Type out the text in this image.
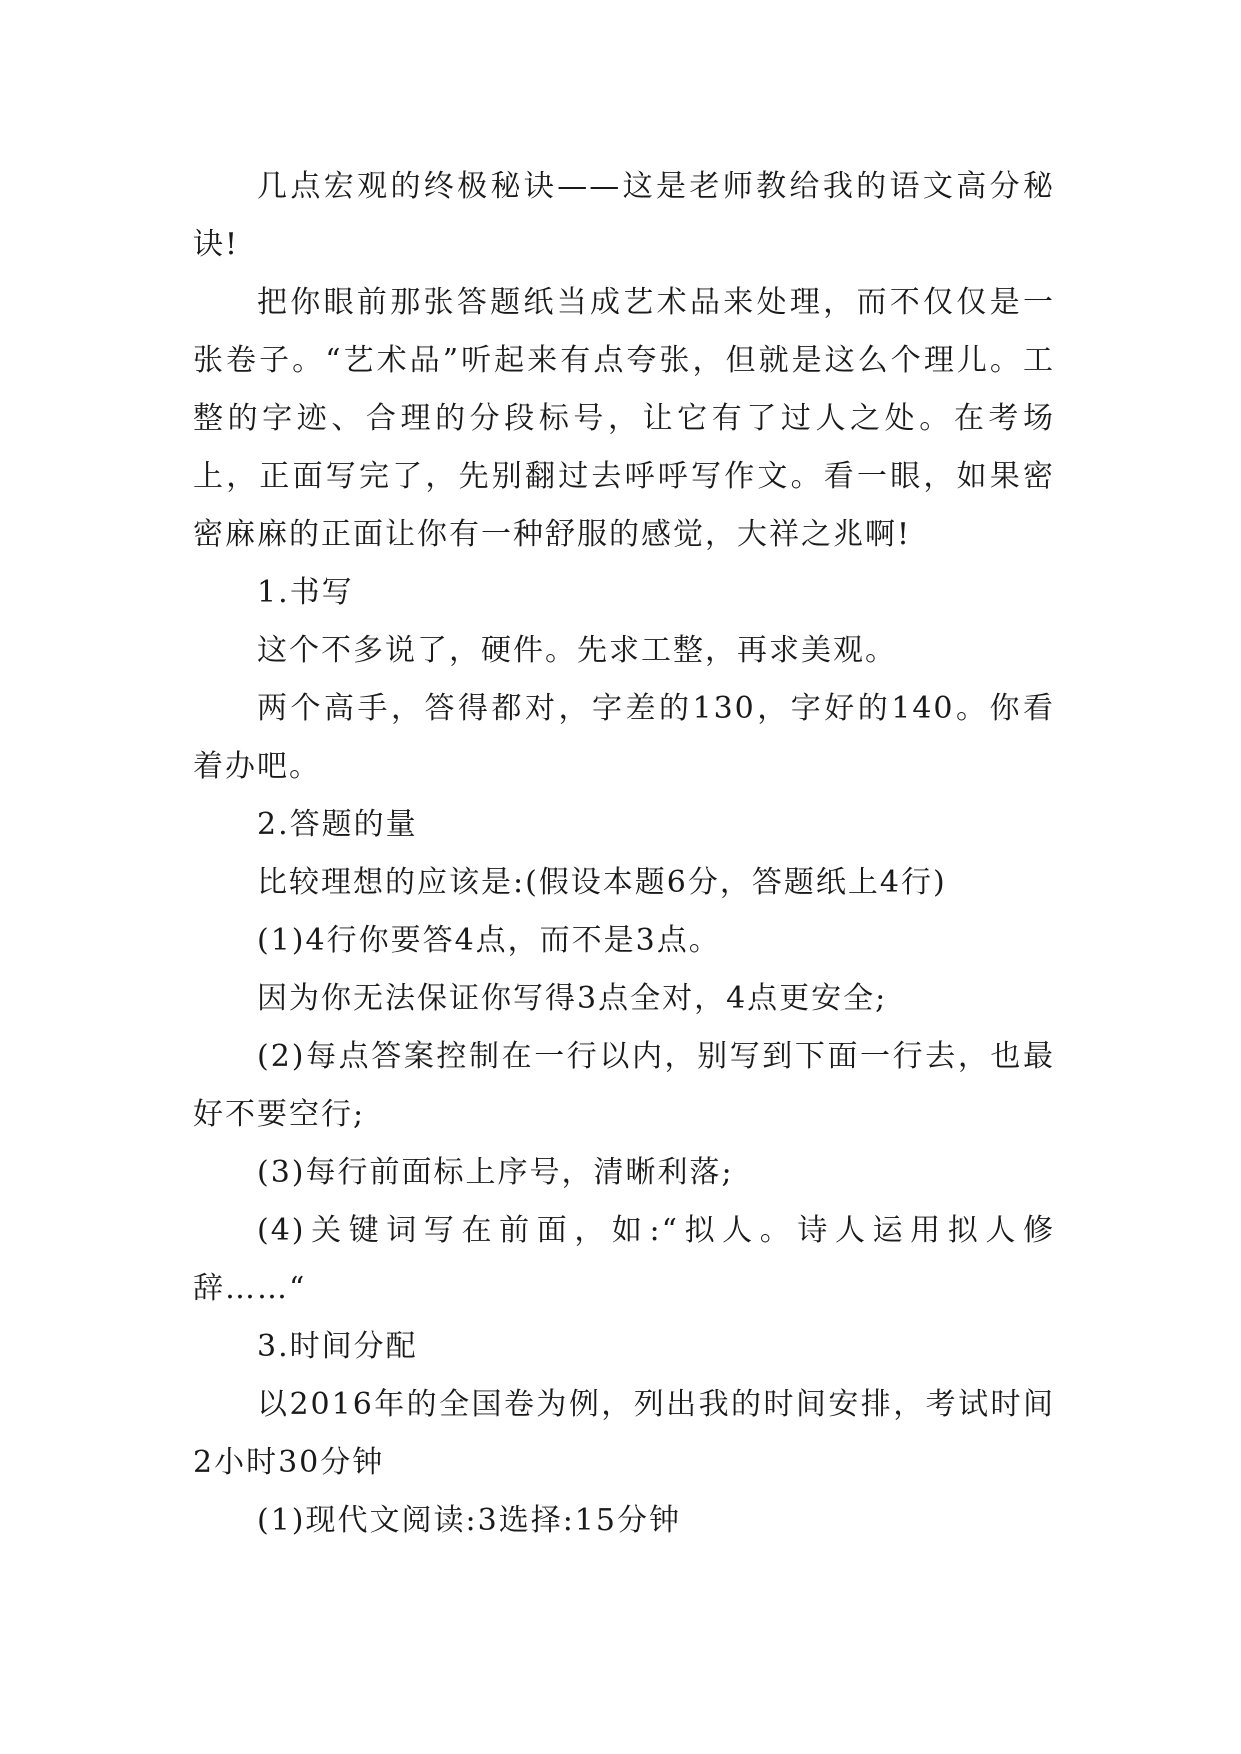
几点宏观的终极秘诀——这是老师教给我的语文高分秘诀!

把你眼前那张答题纸当成艺术品来处理，而不仅仅是一张卷子。“艺术品”听起来有点夸张，但就是这么个理儿。工整的字迹、合理的分段标号，让它有了过人之处。在考场上，正面写完了，先别翻过去呼呼写作文。看一眼，如果密密麻麻的正面让你有一种舒服的感觉，大祥之兆啊!

1.书写

这个不多说了，硬件。先求工整，再求美观。

两个高手，答得都对，字差的130，字好的140。你看着办吧。

2.答题的量

比较理想的应该是:(假设本题6分，答题纸上4行)

(1)4行你要答4点，而不是3点。

因为你无法保证你写得3点全对，4点更安全;

(2)每点答案控制在一行以内，别写到下面一行去，也最好不要空行;

(3)每行前面标上序号，清晰利落;

(4)关键词写在前面，如:“拟人。诗人运用拟人修辞……“

3.时间分配

以2016年的全国卷为例，列出我的时间安排，考试时间2小时30分钟

(1)现代文阅读:3选择:15分钟
